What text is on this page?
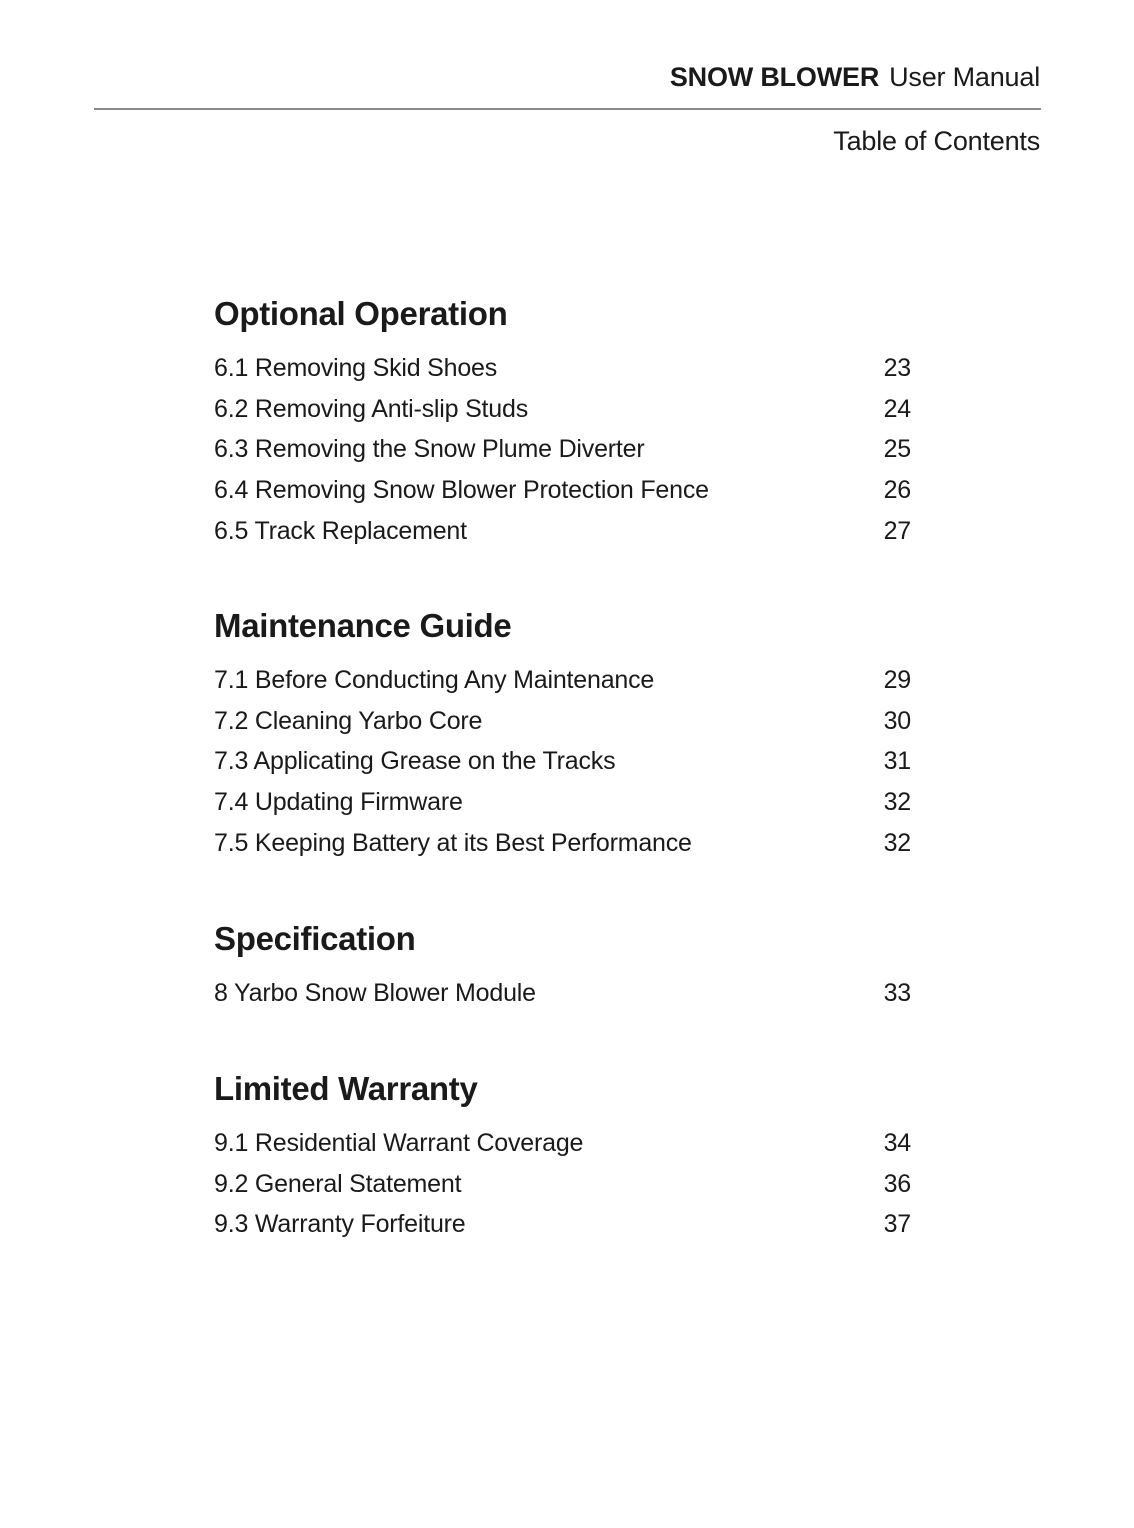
SNOW BLOWER User Manual
Table of Contents
Optional Operation
6.1 Removing Skid Shoes	23
6.2 Removing Anti-slip Studs	24
6.3 Removing the Snow Plume Diverter	25
6.4 Removing Snow Blower Protection Fence	26
6.5 Track Replacement	27
Maintenance Guide
7.1 Before Conducting Any Maintenance	29
7.2 Cleaning Yarbo Core	30
7.3 Applicating Grease on the Tracks	31
7.4 Updating Firmware	32
7.5 Keeping Battery at its Best Performance	32
Specification
8 Yarbo Snow Blower Module	33
Limited Warranty
9.1 Residential Warrant Coverage	34
9.2 General Statement	36
9.3 Warranty Forfeiture	37
